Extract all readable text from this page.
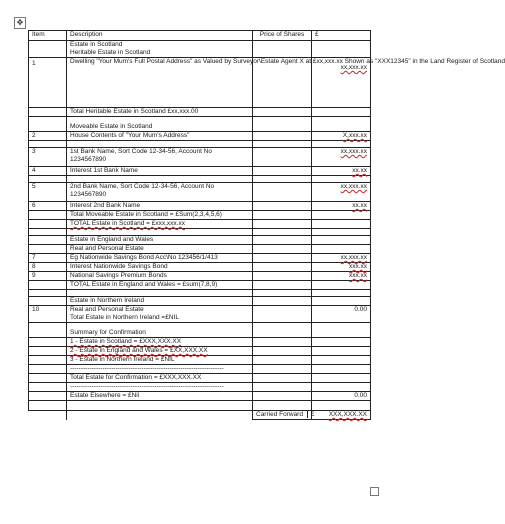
✥
Item	Description	Price of Shares	£
	Estate in Scotland		
	Heritable Estate in Scotland		
1	Dwelling "Your Mum's Full Postal Address" as Valued by Surveyor\Estate Agent X at £xx,xxx.xx Shown as "XXX12345" in the Land Register of Scotland		xx,xxx.xx
	Total Heritable Estate in Scotland £xx,xxx.00		

	Moveable Estate in Scotland		
2	House Contents of "Your Mum's Address"		X,xxx.xx

3	1st Bank Name, Sort Code 12-34-56, Account No 1234567890		xx,xxx.xx
4	Interest 1st Bank Name		xx.xx

5	2nd Bank Name, Sort Code 12-34-56, Account No 1234567890		xx,xxx.xx
6	Interest 2nd Bank Name		xx.xx
	Total Moveable Estate in Scotland = £Sum(2,3,4,5,6)		
	TOTAL Estate in Scotland = £xxx,xxx.xx		

	Estate in England and Wales		
	Real and Personal Estate		
7	Eg Nationwide Savings Bond Acc\No 123456/1/413		xx,xxx.xx
8	Interest Nationwide Savings Bond		xxx.xx
9	National Savings Premium Bonds		xxx.xx
	TOTAL Estate in England and Wales = £sum(7,8,9)		

	Estate in Northern Ireland		
10	Real and Personal Estate		0.00
	Total Estate in Northern Ireland =£NIL		

	Summary for Confirmation		
	1 - Estate in Scotland = £XXX,XXX.XX		
	2 - Estate in England and Wales = £XX,XXX.XX		
	3 - Estate in Northern Ireland = £NIL		
	-----------------------------------------------------------------------		
	Total Estate for Confirmation = £XXX,XXX.XX		
	-----------------------------------------------------------------------		
	Estate Elsewhere = £Nil		0.00

		Carried Forward £	XXX,XXX.XX
